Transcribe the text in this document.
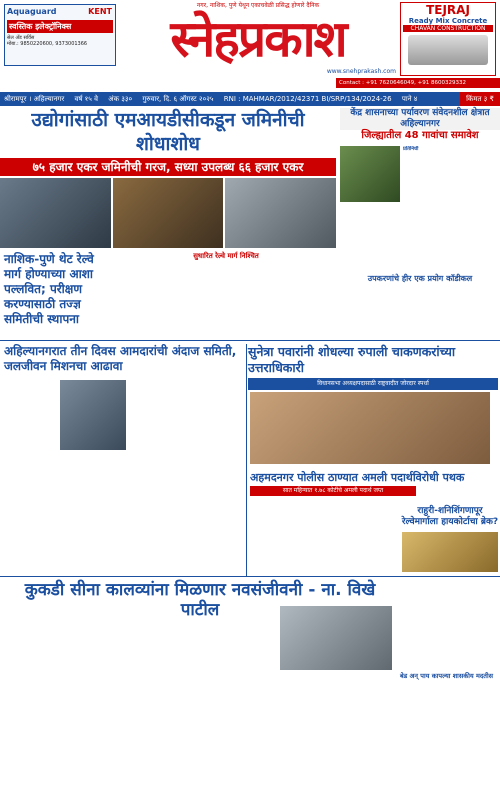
Aquaguard	KENT
स्वस्तिक इलेक्ट्रॉनिक्स
सेल अँड सर्विस
मोबा.: 9850220600, 9373001366
नगर, नाशिक, पुणे येथून एकाचवेळी प्रसिद्ध होणारे दैनिक
स्नेहप्रकाश
www.snehprakash.com
TEJRAJ
Ready Mix Concrete
CHAVAN CONSTRUCTION
Contact : +91 7620646049, +91 8600329332
श्रीरामपूर । अहिल्यानगर वर्ष १५ वे अंक ३३० गुरुवार, दि. ६ ऑगस्ट २०२५ RNI : MAHMAR/2012/42371 BI/SRP/134/2024-26 पाने ४	किंमत ३ ₹
उद्योगांसाठी एमआयडीसीकडून जमिनीची शोधाशोध
७५ हजार एकर जमिनीची गरज, सध्या उपलब्ध ६६ हजार एकर
केंद्र शासनाच्या पर्यावरण संवेदनशील क्षेत्रात अहिल्यानगर
जिल्ह्यातील 48 गावांचा समावेश
प्रतिनिधी
नाशिक-पुणे थेट रेल्वे मार्ग होण्याच्या आशा पल्लवित; परीक्षण करण्यासाठी तज्ज्ञ समितीची स्थापना
सुधारित रेल्वे मार्ग निश्चित
उपकरणांचे हीर एक प्रयोग कॉडीकल
अहिल्यानगरात तीन दिवस आमदारांची अंदाज समिती, जलजीवन मिशनचा आढावा
सुनेत्रा पवारांनी शोधल्या रुपाली चाकणकरांच्या उत्तराधिकारी
विधानसभा अध्यक्षपदासाठी राष्ट्रवादीत जोरदार स्पर्धा
अहमदनगर पोलीस ठाण्यात अमली पदार्थविरोधी पथक
सात महिन्यात १.७८ कोटींचे अमली पदार्थ जप्त
राहुरी-शनिशिंगणापूर रेल्वेमार्गाला हायकोर्टाचा ब्रेक?
कुकडी सीना कालव्यांना मिळणार नवसंजीवनी - ना. विखे पाटील
बेड अन् पाय कापल्या शासकीय मदतीस
